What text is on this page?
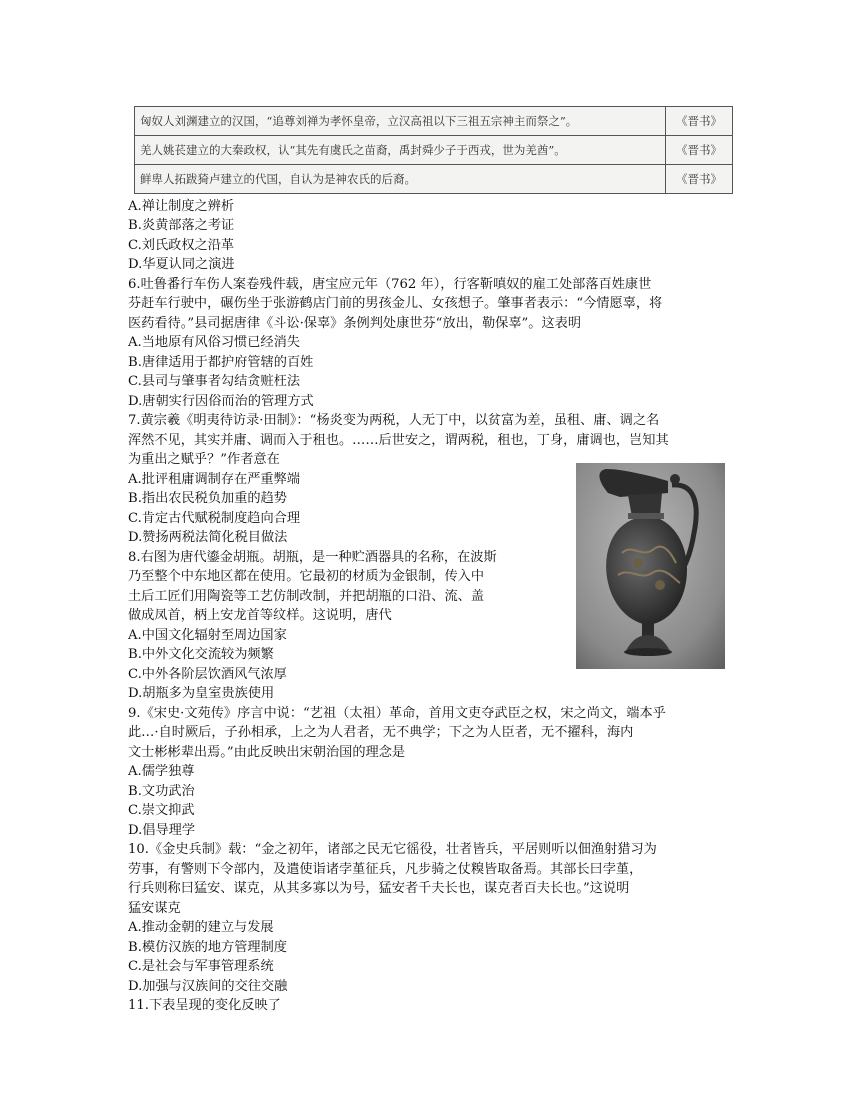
匈奴人刘渊建立的汉国，“追尊刘禅为孝怀皇帝，立汉高祖以下三祖五宗神主而祭之”。	《晋书》
羌人姚苌建立的大秦政权，认“其先有虞氏之苗裔，禹封舜少子于西戎，世为羌酋”。	《晋书》
鲜卑人拓跋猗卢建立的代国，自认为是神农氏的后裔。	《晋书》
A.禅让制度之辨析
B.炎黄部落之考证
C.刘氏政权之沿革
D.华夏认同之演进
6.吐鲁番行车伤人案卷残件载，唐宝应元年（762 年），行客靳嗔奴的雇工处部落百姓康世
芬赶车行驶中，碾伤坐于张游鹤店门前的男孩金儿、女孩想子。肇事者表示：“今情愿辜，将
医药看待。”县司据唐律《斗讼·保辜》条例判处康世芬“放出，勒保辜”。这表明
A.当地原有风俗习惯已经消失
B.唐律适用于都护府管辖的百姓
C.县司与肇事者勾结贪赃枉法
D.唐朝实行因俗而治的管理方式
7.黄宗羲《明夷待访录·田制》：“杨炎变为两税，人无丁中，以贫富为差，虽租、庸、调之名
浑然不见，其实并庸、调而入于租也。……后世安之，谓两税，租也，丁身，庸调也，岂知其
为重出之赋乎？”作者意在
A.批评租庸调制存在严重弊端
B.指出农民税负加重的趋势
C.肯定古代赋税制度趋向合理
D.赞扬两税法简化税目做法
8.右图为唐代鎏金胡瓶。胡瓶，是一种贮酒器具的名称，在波斯
乃至整个中东地区都在使用。它最初的材质为金银制，传入中
土后工匠们用陶瓷等工艺仿制改制，并把胡瓶的口沿、流、盖
做成凤首，柄上安龙首等纹样。这说明，唐代
A.中国文化辐射至周边国家
B.中外文化交流较为频繁
C.中外各阶层饮酒风气浓厚
D.胡瓶多为皇室贵族使用
9.《宋史·文苑传》序言中说：“艺祖（太祖）革命，首用文吏夺武臣之权，宋之尚文，端本乎
此…·自时厥后，子孙相承，上之为人君者，无不典学；下之为人臣者，无不擢科，海内
文士彬彬辈出焉。”由此反映出宋朝治国的理念是
A.儒学独尊
B.文功武治
C.崇文抑武
D.倡导理学
10.《金史兵制》载：“金之初年，诸部之民无它徭役，壮者皆兵，平居则听以佃渔射猎习为
劳事，有警则下令部内，及遣使诣诸孛堇征兵，凡步骑之仗糗皆取备焉。其部长曰孛堇，
行兵则称曰猛安、谋克，从其多寡以为号，猛安者千夫长也，谋克者百夫长也。”这说明
猛安谋克
A.推动金朝的建立与发展
B.模仿汉族的地方管理制度
C.是社会与军事管理系统
D.加强与汉族间的交往交融
11.下表呈现的变化反映了
